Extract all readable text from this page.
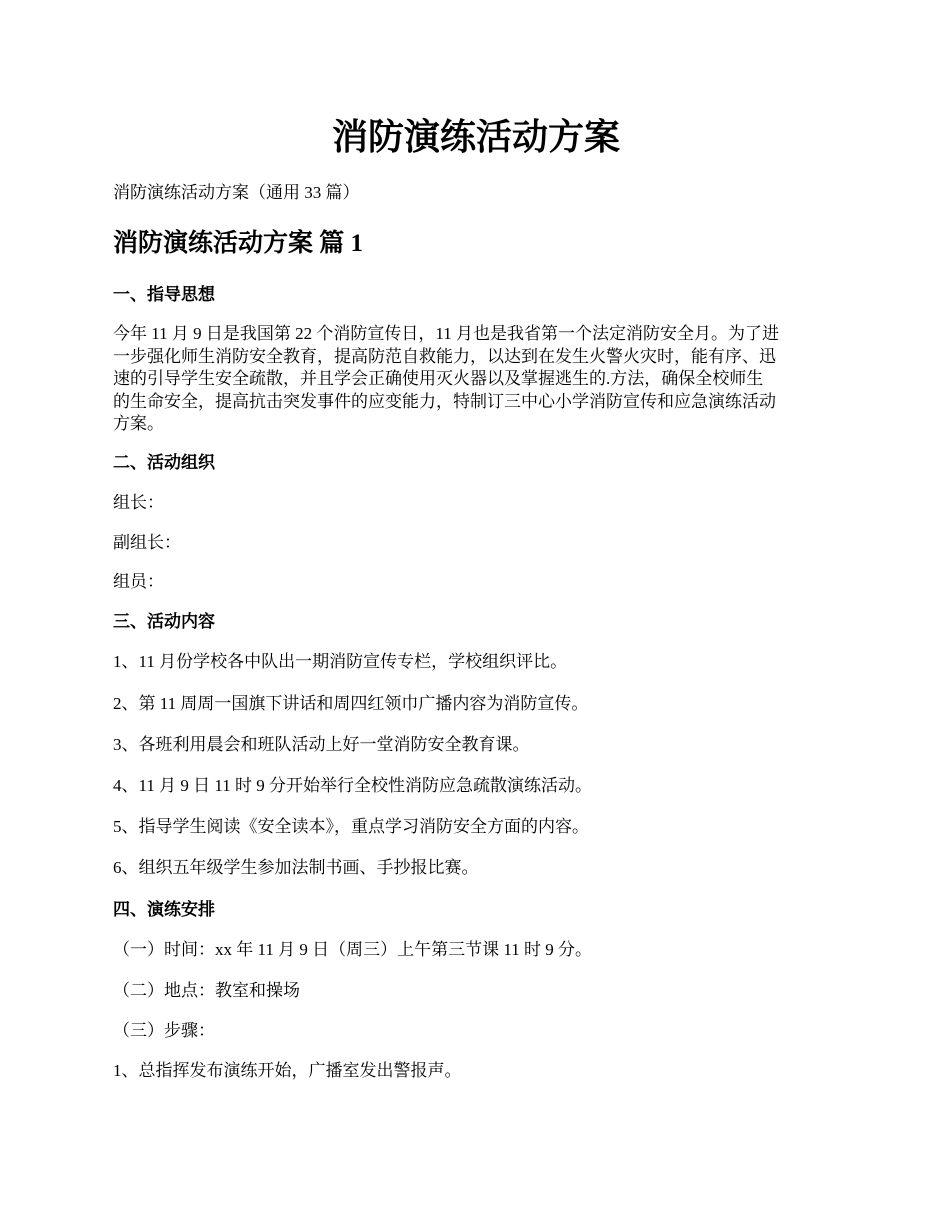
消防演练活动方案

消防演练活动方案（通用 33 篇）

消防演练活动方案 篇 1
一、指导思想
今年 11 月 9 日是我国第 22 个消防宣传日，11 月也是我省第一个法定消防安全月。为了进
一步强化师生消防安全教育，提高防范自救能力，以达到在发生火警火灾时，能有序、迅
速的引导学生安全疏散，并且学会正确使用灭火器以及掌握逃生的.方法，确保全校师生
的生命安全，提高抗击突发事件的应变能力，特制订三中心小学消防宣传和应急演练活动
方案。
二、活动组织

组长：

副组长：

组员：

三、活动内容

1、11 月份学校各中队出一期消防宣传专栏，学校组织评比。

2、第 11 周周一国旗下讲话和周四红领巾广播内容为消防宣传。

3、各班利用晨会和班队活动上好一堂消防安全教育课。

4、11 月 9 日 11 时 9 分开始举行全校性消防应急疏散演练活动。

5、指导学生阅读《安全读本》，重点学习消防安全方面的内容。

6、组织五年级学生参加法制书画、手抄报比赛。

四、演练安排

（一）时间：xx 年 11 月 9 日（周三）上午第三节课 11 时 9 分。

（二）地点：教室和操场

（三）步骤：

1、总指挥发布演练开始，广播室发出警报声。
